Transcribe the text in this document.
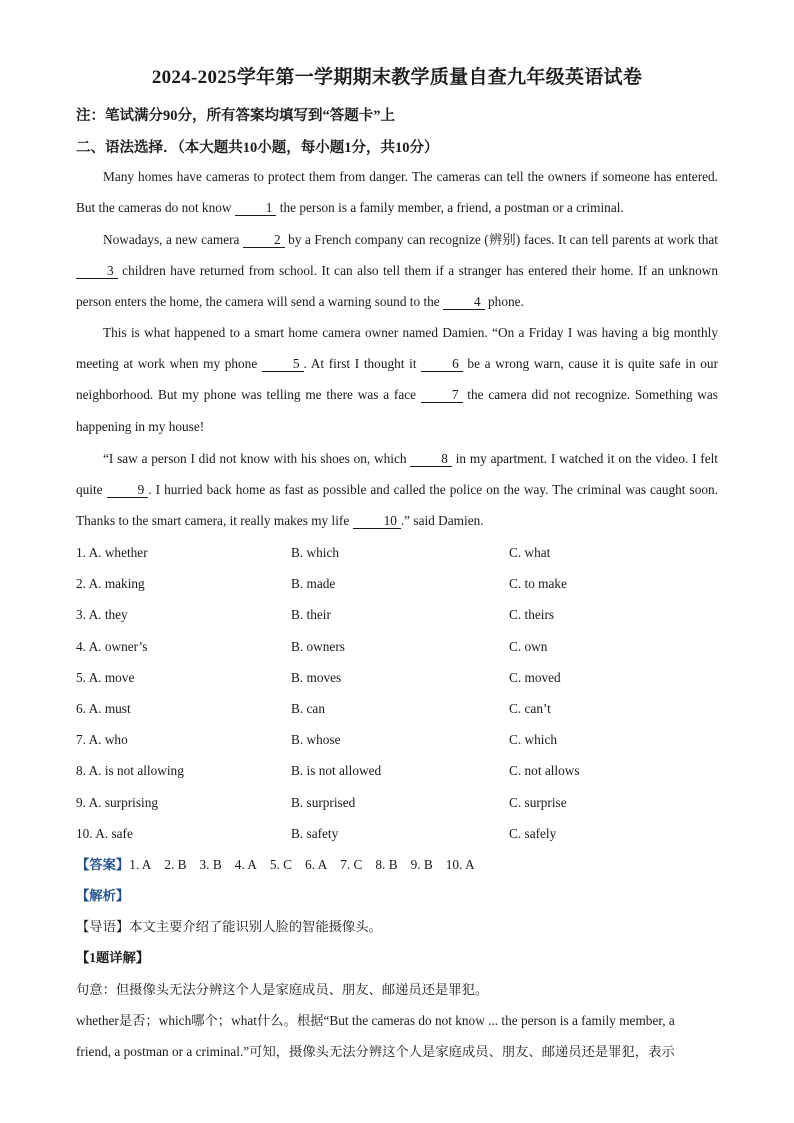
2024-2025学年第一学期期末教学质量自查九年级英语试卷
注：笔试满分90分，所有答案均填写到“答题卡”上
二、语法选择．（本大题共10小题，每小题1分，共10分）

Many homes have cameras to protect them from danger. The cameras can tell the owners if someone has entered. But the cameras do not know 1 the person is a family member, a friend, a postman or a criminal.

Nowadays, a new camera 2 by a French company can recognize (辨别) faces. It can tell parents at work that 3 children have returned from school. It can also tell them if a stranger has entered their home. If an unknown person enters the home, the camera will send a warning sound to the 4 phone.

This is what happened to a smart home camera owner named Damien. “On a Friday I was having a big monthly meeting at work when my phone 5 . At first I thought it 6 be a wrong warn, cause it is quite safe in our neighborhood. But my phone was telling me there was a face 7 the camera did not recognize. Something was happening in my house!

“I saw a person I did not know with his shoes on, which 8 in my apartment. I watched it on the video. I felt quite 9 . I hurried back home as fast as possible and called the police on the way. The criminal was caught soon. Thanks to the smart camera, it really makes my life 10 .” said Damien.

1. A. whether	B. which	C. what
2. A. making	B. made	C. to make
3. A. they	B. their	C. theirs
4. A. owner’s	B. owners	C. own
5. A. move	B. moves	C. moved
6. A. must	B. can	C. can’t
7. A. who	B. whose	C. which
8. A. is not allowing	B. is not allowed	C. not allows
9. A. surprising	B. surprised	C. surprise
10. A. safe	B. safety	C. safely
【答案】1. A 2. B 3. B 4. A 5. C 6. A 7. C 8. B 9. B 10. A
【解析】
【导语】本文主要介绍了能识别人脸的智能摄像头。
【1题详解】
句意：但摄像头无法分辨这个人是家庭成员、朋友、邮递员还是罪犯。
whether是否；which哪个；what什么。根据“But the cameras do not know ... the person is a family member, a
friend, a postman or a criminal.”可知，摄像头无法分辨这个人是家庭成员、朋友、邮递员还是罪犯，表示
